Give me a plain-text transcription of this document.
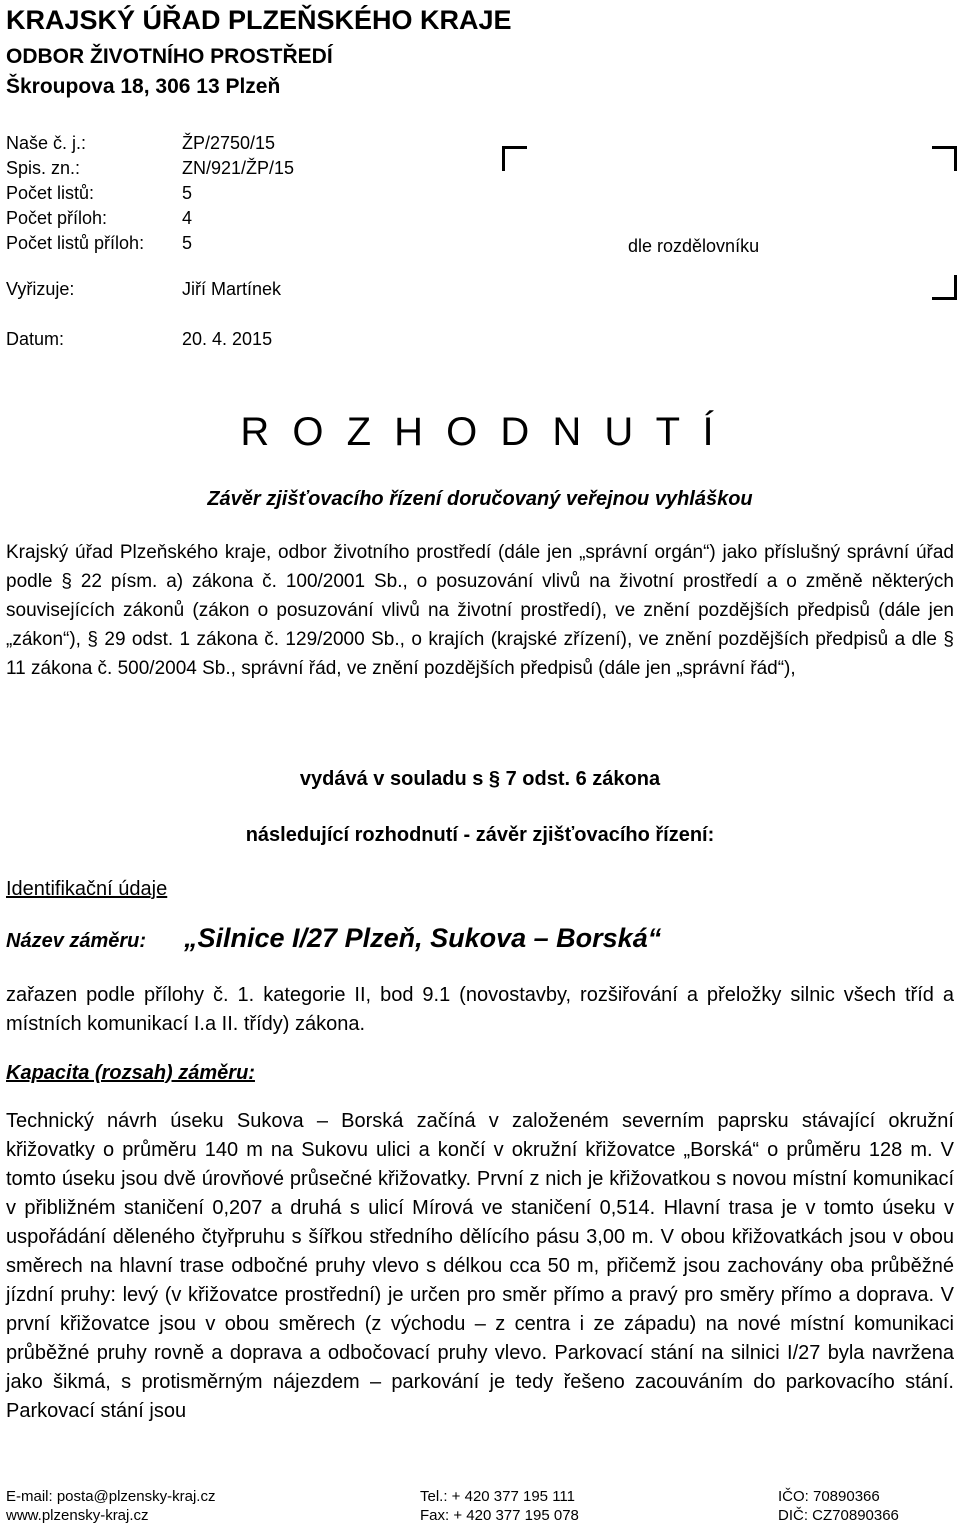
KRAJSKÝ ÚŘAD PLZEŇSKÉHO KRAJE
ODBOR ŽIVOTNÍHO PROSTŘEDÍ
Škroupova 18, 306 13 Plzeň
Naše č. j.:	ŽP/2750/15
Spis. zn.:	ZN/921/ŽP/15
Počet listů:	5
Počet příloh:	4
Počet listů příloh: 5
Vyřizuje:	Jiří Martínek
Datum:	20. 4. 2015
dle rozdělovníku
R O Z H O D N U T Í
Závěr zjišťovacího řízení doručovaný veřejnou vyhláškou

Krajský úřad Plzeňského kraje, odbor životního prostředí (dále jen „správní orgán“) jako příslušný správní úřad podle § 22 písm. a) zákona č. 100/2001 Sb., o posuzování vlivů na životní prostředí a o změně některých souvisejících zákonů (zákon o posuzování vlivů na životní prostředí), ve znění pozdějších předpisů (dále jen „zákon“), § 29 odst. 1 zákona č. 129/2000 Sb., o krajích (krajské zřízení), ve znění pozdějších předpisů a dle § 11 zákona č. 500/2004 Sb., správní řád, ve znění pozdějších předpisů (dále jen „správní řád“),

vydává v souladu s § 7 odst. 6 zákona
následující rozhodnutí - závěr zjišťovacího řízení:
Identifikační údaje
Název záměru: „Silnice I/27 Plzeň, Sukova – Borská“

zařazen podle přílohy č. 1. kategorie II, bod 9.1 (novostavby, rozšiřování a přeložky silnic všech tříd a místních komunikací I.a II. třídy) zákona.

Kapacita (rozsah) záměru:

Technický návrh úseku Sukova – Borská začíná v založeném severním paprsku stávající okružní křižovatky o průměru 140 m na Sukovu ulici a končí v okružní křižovatce „Borská“ o průměru 128 m. V tomto úseku jsou dvě úrovňové průsečné křižovatky. První z nich je křižovatkou s novou místní komunikací v přibližném staničení 0,207 a druhá s ulicí Mírová ve staničení 0,514. Hlavní trasa je v tomto úseku v uspořádání děleného čtyřpruhu s šířkou středního dělícího pásu 3,00 m. V obou křižovatkách jsou v obou směrech na hlavní trase odbočné pruhy vlevo s délkou cca 50 m, přičemž jsou zachovány oba průběžné jízdní pruhy: levý (v křižovatce prostřední) je určen pro směr přímo a pravý pro směry přímo a doprava. V první křižovatce jsou v obou směrech (z východu – z centra i ze západu) na nové místní komunikaci průběžné pruhy rovně a doprava a odbočovací pruhy vlevo. Parkovací stání na silnici I/27 byla navržena jako šikmá, s protisměrným nájezdem – parkování je tedy řešeno zacouváním do parkovacího stání. Parkovací stání jsou

E-mail: posta@plzensky-kraj.cz
www.plzensky-kraj.cz
Tel.: + 420 377 195 111
Fax: + 420 377 195 078
IČO: 70890366
DIČ: CZ70890366
